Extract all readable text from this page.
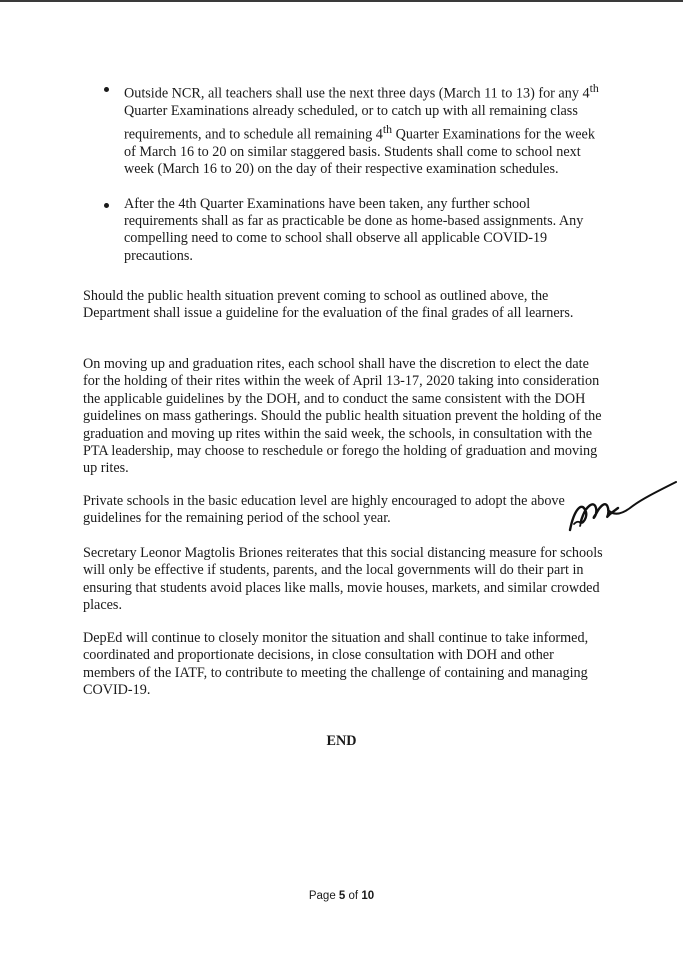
Outside NCR, all teachers shall use the next three days (March 11 to 13) for any 4th Quarter Examinations already scheduled, or to catch up with all remaining class requirements, and to schedule all remaining 4th Quarter Examinations for the week of March 16 to 20 on similar staggered basis. Students shall come to school next week (March 16 to 20) on the day of their respective examination schedules.
After the 4th Quarter Examinations have been taken, any further school requirements shall as far as practicable be done as home-based assignments. Any compelling need to come to school shall observe all applicable COVID-19 precautions.

Should the public health situation prevent coming to school as outlined above, the Department shall issue a guideline for the evaluation of the final grades of all learners.

On moving up and graduation rites, each school shall have the discretion to elect the date for the holding of their rites within the week of April 13-17, 2020 taking into consideration the applicable guidelines by the DOH, and to conduct the same consistent with the DOH guidelines on mass gatherings. Should the public health situation prevent the holding of the graduation and moving up rites within the said week, the schools, in consultation with the PTA leadership, may choose to reschedule or forego the holding of graduation and moving up rites.

Private schools in the basic education level are highly encouraged to adopt the above guidelines for the remaining period of the school year.

Secretary Leonor Magtolis Briones reiterates that this social distancing measure for schools will only be effective if students, parents, and the local governments will do their part in ensuring that students avoid places like malls, movie houses, markets, and similar crowded places.

DepEd will continue to closely monitor the situation and shall continue to take informed, coordinated and proportionate decisions, in close consultation with DOH and other members of the IATF, to contribute to meeting the challenge of containing and managing COVID-19.

END
Page 5 of 10
